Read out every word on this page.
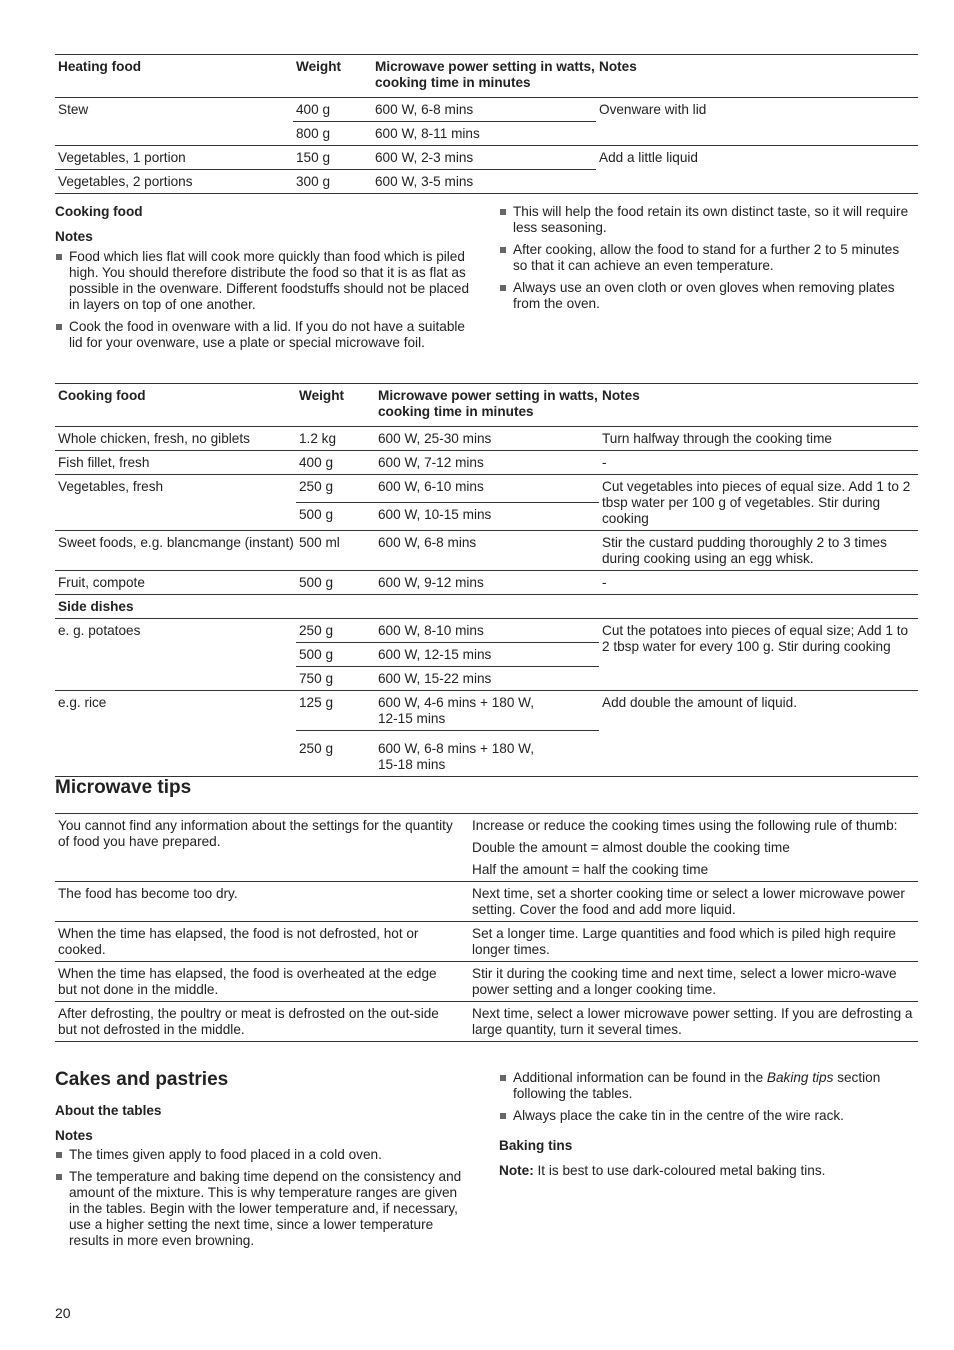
Heating food	Weight	Microwave power setting in watts, cooking time in minutes	Notes
Stew	400 g	600 W, 6-8 mins	Ovenware with lid
	800 g	600 W, 8-11 mins	
Vegetables, 1 portion	150 g	600 W, 2-3 mins	Add a little liquid
Vegetables, 2 portions	300 g	600 W, 3-5 mins	
Cooking food
Notes
Food which lies flat will cook more quickly than food which is piled high. You should therefore distribute the food so that it is as flat as possible in the ovenware. Different foodstuffs should not be placed in layers on top of one another.
Cook the food in ovenware with a lid. If you do not have a suitable lid for your ovenware, use a plate or special microwave foil.
This will help the food retain its own distinct taste, so it will require less seasoning.
After cooking, allow the food to stand for a further 2 to 5 minutes so that it can achieve an even temperature.
Always use an oven cloth or oven gloves when removing plates from the oven.
Cooking food	Weight	Microwave power setting in watts, cooking time in minutes	Notes
Whole chicken, fresh, no giblets	1.2 kg	600 W, 25-30 mins	Turn halfway through the cooking time
Fish fillet, fresh	400 g	600 W, 7-12 mins	-
Vegetables, fresh	250 g	600 W, 6-10 mins	Cut vegetables into pieces of equal size. Add 1 to 2 tbsp water per 100 g of vegetables. Stir during cooking
	500 g	600 W, 10-15 mins	
Sweet foods, e.g. blancmange (instant)	500 ml	600 W, 6-8 mins	Stir the custard pudding thoroughly 2 to 3 times during cooking using an egg whisk.
Fruit, compote	500 g	600 W, 9-12 mins	-
Side dishes			
e. g. potatoes	250 g	600 W, 8-10 mins	Cut the potatoes into pieces of equal size; Add 1 to 2 tbsp water for every 100 g. Stir during cooking
	500 g	600 W, 12-15 mins	
	750 g	600 W, 15-22 mins	
e.g. rice	125 g	600 W, 4-6 mins + 180 W, 12-15 mins	Add double the amount of liquid.
	250 g	600 W, 6-8 mins + 180 W, 15-18 mins	
Microwave tips
You cannot find any information about the settings for the quantity of food you have prepared.	Increase or reduce the cooking times using the following rule of thumb:
Double the amount = almost double the cooking time
Half the amount = half the cooking time

The food has become too dry.	Next time, set a shorter cooking time or select a lower microwave power setting. Cover the food and add more liquid.
When the time has elapsed, the food is not defrosted, hot or cooked.	Set a longer time. Large quantities and food which is piled high require longer times.
When the time has elapsed, the food is overheated at the edge but not done in the middle.	Stir it during the cooking time and next time, select a lower micro-wave power setting and a longer cooking time.
After defrosting, the poultry or meat is defrosted on the out-side but not defrosted in the middle.	Next time, select a lower microwave power setting. If you are defrosting a large quantity, turn it several times.
Cakes and pastries
About the tables
Notes
The times given apply to food placed in a cold oven.
The temperature and baking time depend on the consistency and amount of the mixture. This is why temperature ranges are given in the tables. Begin with the lower temperature and, if necessary, use a higher setting the next time, since a lower temperature results in more even browning.
Additional information can be found in the Baking tips section following the tables.
Always place the cake tin in the centre of the wire rack.
Baking tins
Note: It is best to use dark-coloured metal baking tins.
20
